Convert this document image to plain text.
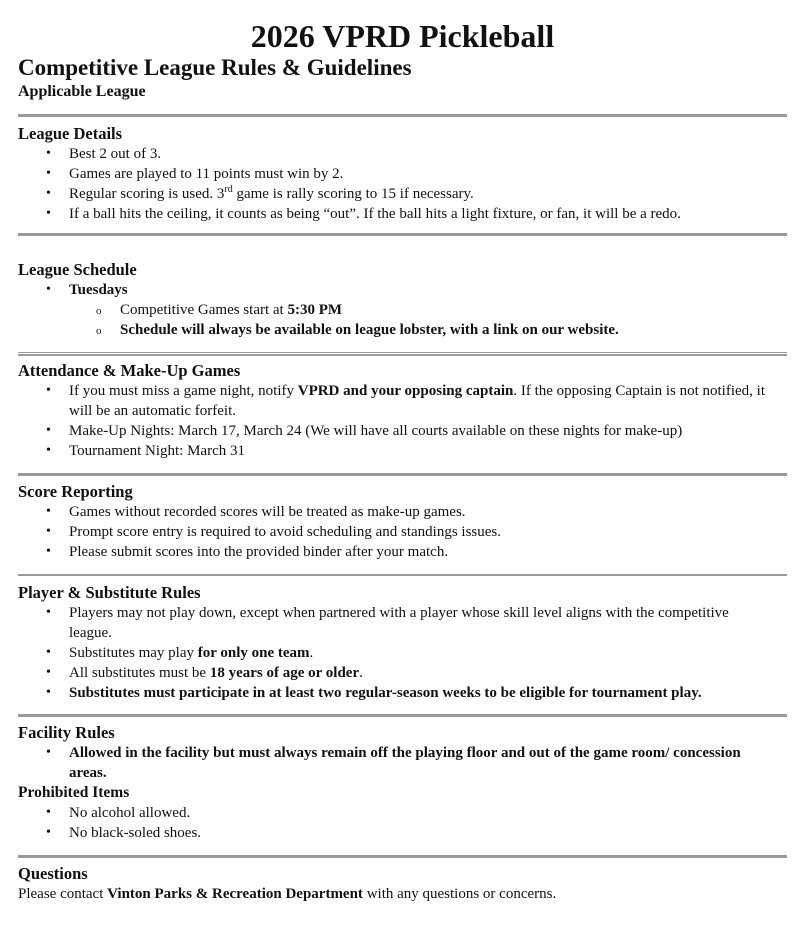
2026 VPRD Pickleball
Competitive League Rules & Guidelines
Applicable League
League Details
• Best 2 out of 3.
• Games are played to 11 points must win by 2.
• Regular scoring is used. 3rd game is rally scoring to 15 if necessary.
• If a ball hits the ceiling, it counts as being “out”. If the ball hits a light fixture, or fan, it will be a redo.
League Schedule
• Tuesdays
o Competitive Games start at 5:30 PM
o Schedule will always be available on league lobster, with a link on our website.
Attendance & Make-Up Games
• If you must miss a game night, notify VPRD and your opposing captain. If the opposing Captain is not notified, it will be an automatic forfeit.
• Make-Up Nights: March 17, March 24 (We will have all courts available on these nights for make-up)
• Tournament Night: March 31
Score Reporting
• Games without recorded scores will be treated as make-up games.
• Prompt score entry is required to avoid scheduling and standings issues.
• Please submit scores into the provided binder after your match.
Player & Substitute Rules
• Players may not play down, except when partnered with a player whose skill level aligns with the competitive league.
• Substitutes may play for only one team.
• All substitutes must be 18 years of age or older.
• Substitutes must participate in at least two regular-season weeks to be eligible for tournament play.
Facility Rules
• Allowed in the facility but must always remain off the playing floor and out of the game room/ concession areas.
Prohibited Items
• No alcohol allowed.
• No black-soled shoes.
Questions

Please contact Vinton Parks & Recreation Department with any questions or concerns.
